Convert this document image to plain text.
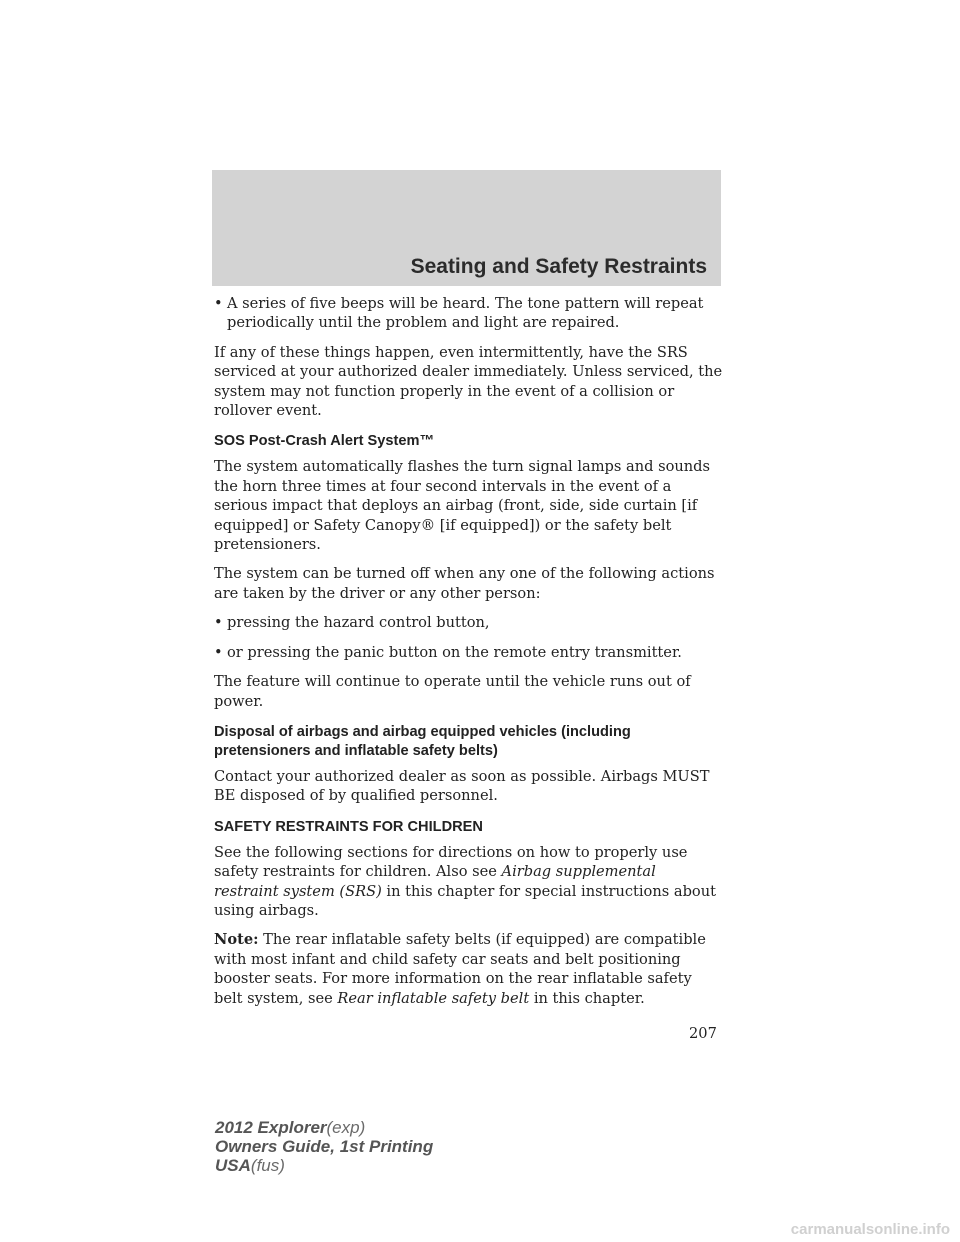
Seating and Safety Restraints
• A series of five beeps will be heard. The tone pattern will repeat periodically until the problem and light are repaired.

If any of these things happen, even intermittently, have the SRS serviced at your authorized dealer immediately. Unless serviced, the system may not function properly in the event of a collision or rollover event.

SOS Post-Crash Alert System™

The system automatically flashes the turn signal lamps and sounds the horn three times at four second intervals in the event of a serious impact that deploys an airbag (front, side, side curtain [if equipped] or Safety Canopy® [if equipped]) or the safety belt pretensioners.

The system can be turned off when any one of the following actions are taken by the driver or any other person:

• pressing the hazard control button,
• or pressing the panic button on the remote entry transmitter.

The feature will continue to operate until the vehicle runs out of power.

Disposal of airbags and airbag equipped vehicles (including pretensioners and inflatable safety belts)

Contact your authorized dealer as soon as possible. Airbags MUST BE disposed of by qualified personnel.

SAFETY RESTRAINTS FOR CHILDREN

See the following sections for directions on how to properly use safety restraints for children. Also see Airbag supplemental restraint system (SRS) in this chapter for special instructions about using airbags.

Note: The rear inflatable safety belts (if equipped) are compatible with most infant and child safety car seats and belt positioning booster seats. For more information on the rear inflatable safety belt system, see Rear inflatable safety belt in this chapter.

207
2012 Explorer(exp)
Owners Guide, 1st Printing
USA(fus)
carmanualsonline.info
